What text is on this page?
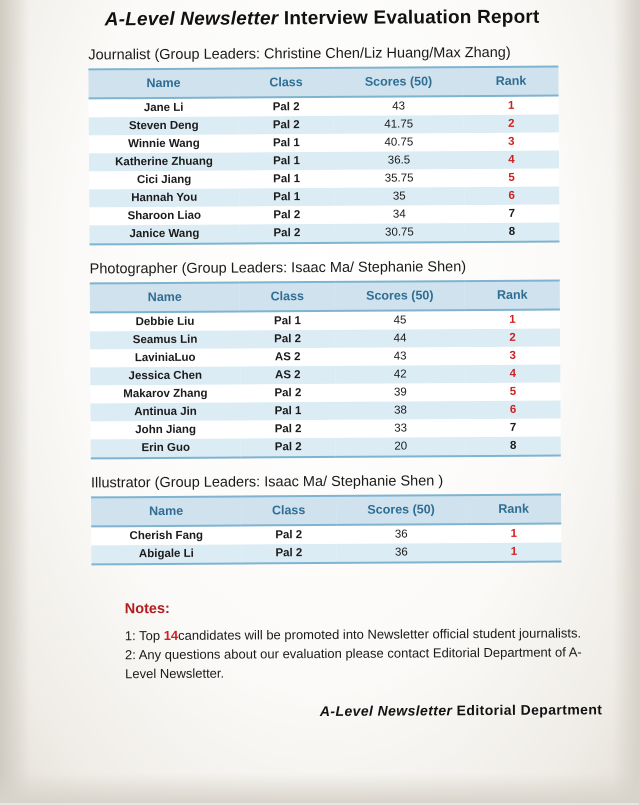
A-Level Newsletter Interview Evaluation Report
Journalist (Group Leaders: Christine Chen/Liz Huang/Max Zhang)
Name	Class	Scores (50)	Rank
Jane Li	Pal 2	43	1
Steven Deng	Pal 2	41.75	2
Winnie Wang	Pal 1	40.75	3
Katherine Zhuang	Pal 1	36.5	4
Cici Jiang	Pal 1	35.75	5
Hannah You	Pal 1	35	6
Sharoon Liao	Pal 2	34	7
Janice Wang	Pal 2	30.75	8
Photographer (Group Leaders: Isaac Ma/ Stephanie Shen)
Name	Class	Scores (50)	Rank
Debbie Liu	Pal 1	45	1
Seamus Lin	Pal 2	44	2
LaviniaLuo	AS 2	43	3
Jessica Chen	AS 2	42	4
Makarov Zhang	Pal 2	39	5
Antinua Jin	Pal 1	38	6
John Jiang	Pal 2	33	7
Erin Guo	Pal 2	20	8
Illustrator (Group Leaders: Isaac Ma/ Stephanie Shen )
Name	Class	Scores (50)	Rank
Cherish Fang	Pal 2	36	1
Abigale Li	Pal 2	36	1
Notes:
1: Top 14candidates will be promoted into Newsletter official student journalists.
2: Any questions about our evaluation please contact Editorial Department of A-Level Newsletter.
A-Level Newsletter Editorial Department
